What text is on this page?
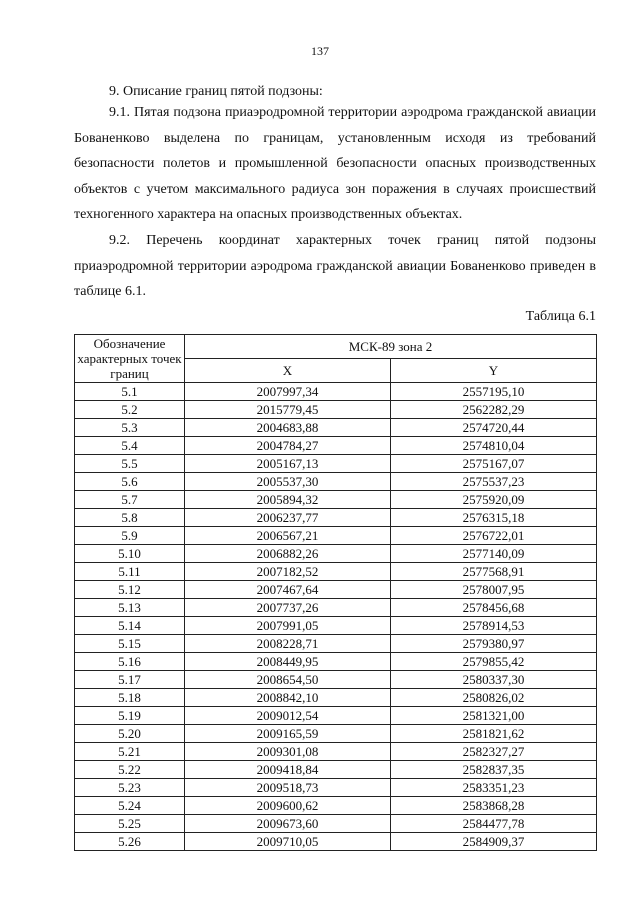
137
9. Описание границ пятой подзоны:
9.1. Пятая подзона приаэродромной территории аэродрома гражданской авиации Бованенково выделена по границам, установленным исходя из требований безопасности полетов и промышленной безопасности опасных производственных объектов с учетом максимального радиуса зон поражения в случаях происшествий техногенного характера на опасных производственных объектах.
9.2. Перечень координат характерных точек границ пятой подзоны приаэродромной территории аэродрома гражданской авиации Бованенково приведен в таблице 6.1.
Таблица 6.1
Обозначение характерных точек границ	МСК-89 зона 2	
	X	Y
5.1	2007997,34	2557195,10
5.2	2015779,45	2562282,29
5.3	2004683,88	2574720,44
5.4	2004784,27	2574810,04
5.5	2005167,13	2575167,07
5.6	2005537,30	2575537,23
5.7	2005894,32	2575920,09
5.8	2006237,77	2576315,18
5.9	2006567,21	2576722,01
5.10	2006882,26	2577140,09
5.11	2007182,52	2577568,91
5.12	2007467,64	2578007,95
5.13	2007737,26	2578456,68
5.14	2007991,05	2578914,53
5.15	2008228,71	2579380,97
5.16	2008449,95	2579855,42
5.17	2008654,50	2580337,30
5.18	2008842,10	2580826,02
5.19	2009012,54	2581321,00
5.20	2009165,59	2581821,62
5.21	2009301,08	2582327,27
5.22	2009418,84	2582837,35
5.23	2009518,73	2583351,23
5.24	2009600,62	2583868,28
5.25	2009673,60	2584477,78
5.26	2009710,05	2584909,37
